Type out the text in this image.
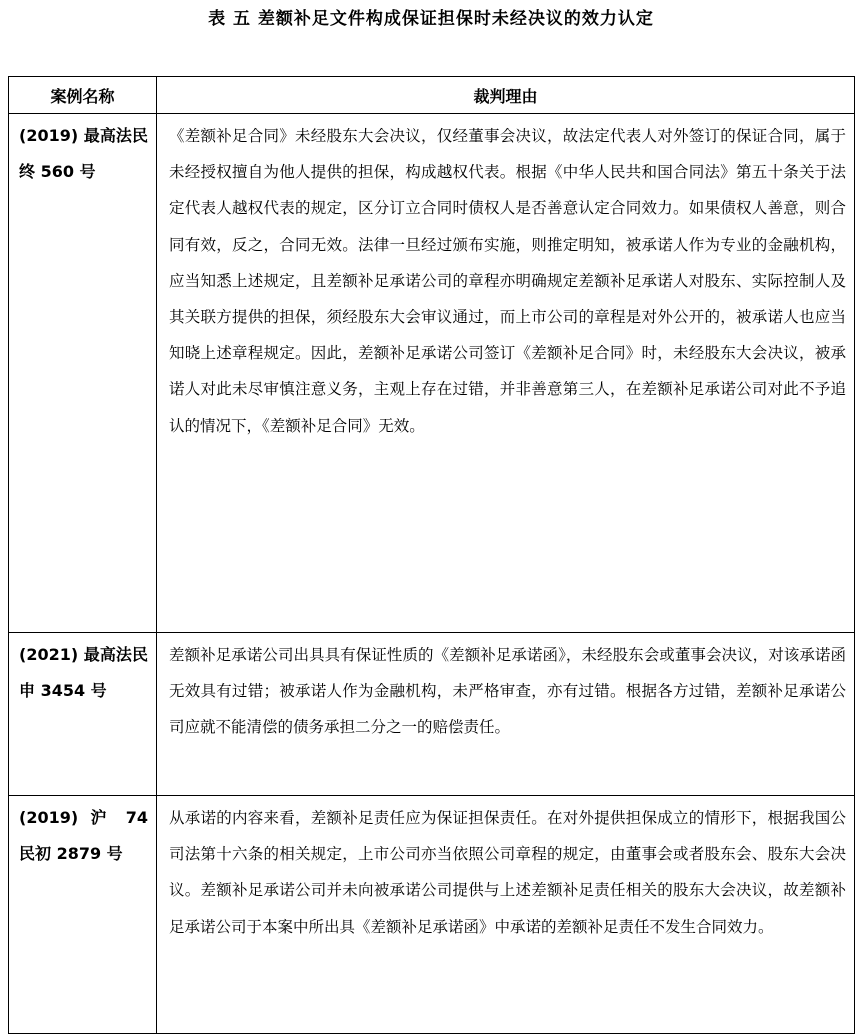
表 五 差额补足文件构成保证担保时未经决议的效力认定
案例名称	裁判理由
(2019) 最高法民终 560 号	《差额补足合同》未经股东大会决议，仅经董事会决议，故法定代表人对外签订的保证合同，属于未经授权擅自为他人提供的担保，构成越权代表。根据《中华人民共和国合同法》第五十条关于法定代表人越权代表的规定，区分订立合同时债权人是否善意认定合同效力。如果债权人善意，则合同有效，反之，合同无效。法律一旦经过颁布实施，则推定明知，被承诺人作为专业的金融机构，应当知悉上述规定，且差额补足承诺公司的章程亦明确规定差额补足承诺人对股东、实际控制人及其关联方提供的担保，须经股东大会审议通过，而上市公司的章程是对外公开的，被承诺人也应当知晓上述章程规定。因此，差额补足承诺公司签订《差额补足合同》时，未经股东大会决议，被承诺人对此未尽审慎注意义务，主观上存在过错，并非善意第三人，在差额补足承诺公司对此不予追认的情况下，《差额补足合同》无效。
(2021) 最高法民申 3454 号	差额补足承诺公司出具具有保证性质的《差额补足承诺函》，未经股东会或董事会决议，对该承诺函无效具有过错；被承诺人作为金融机构，未严格审查，亦有过错。根据各方过错，差额补足承诺公司应就不能清偿的债务承担二分之一的赔偿责任。
(2019) 沪 74 民初 2879 号	从承诺的内容来看，差额补足责任应为保证担保责任。在对外提供担保成立的情形下，根据我国公司法第十六条的相关规定，上市公司亦当依照公司章程的规定，由董事会或者股东会、股东大会决议。差额补足承诺公司并未向被承诺公司提供与上述差额补足责任相关的股东大会决议，故差额补足承诺公司于本案中所出具《差额补足承诺函》中承诺的差额补足责任不发生合同效力。
